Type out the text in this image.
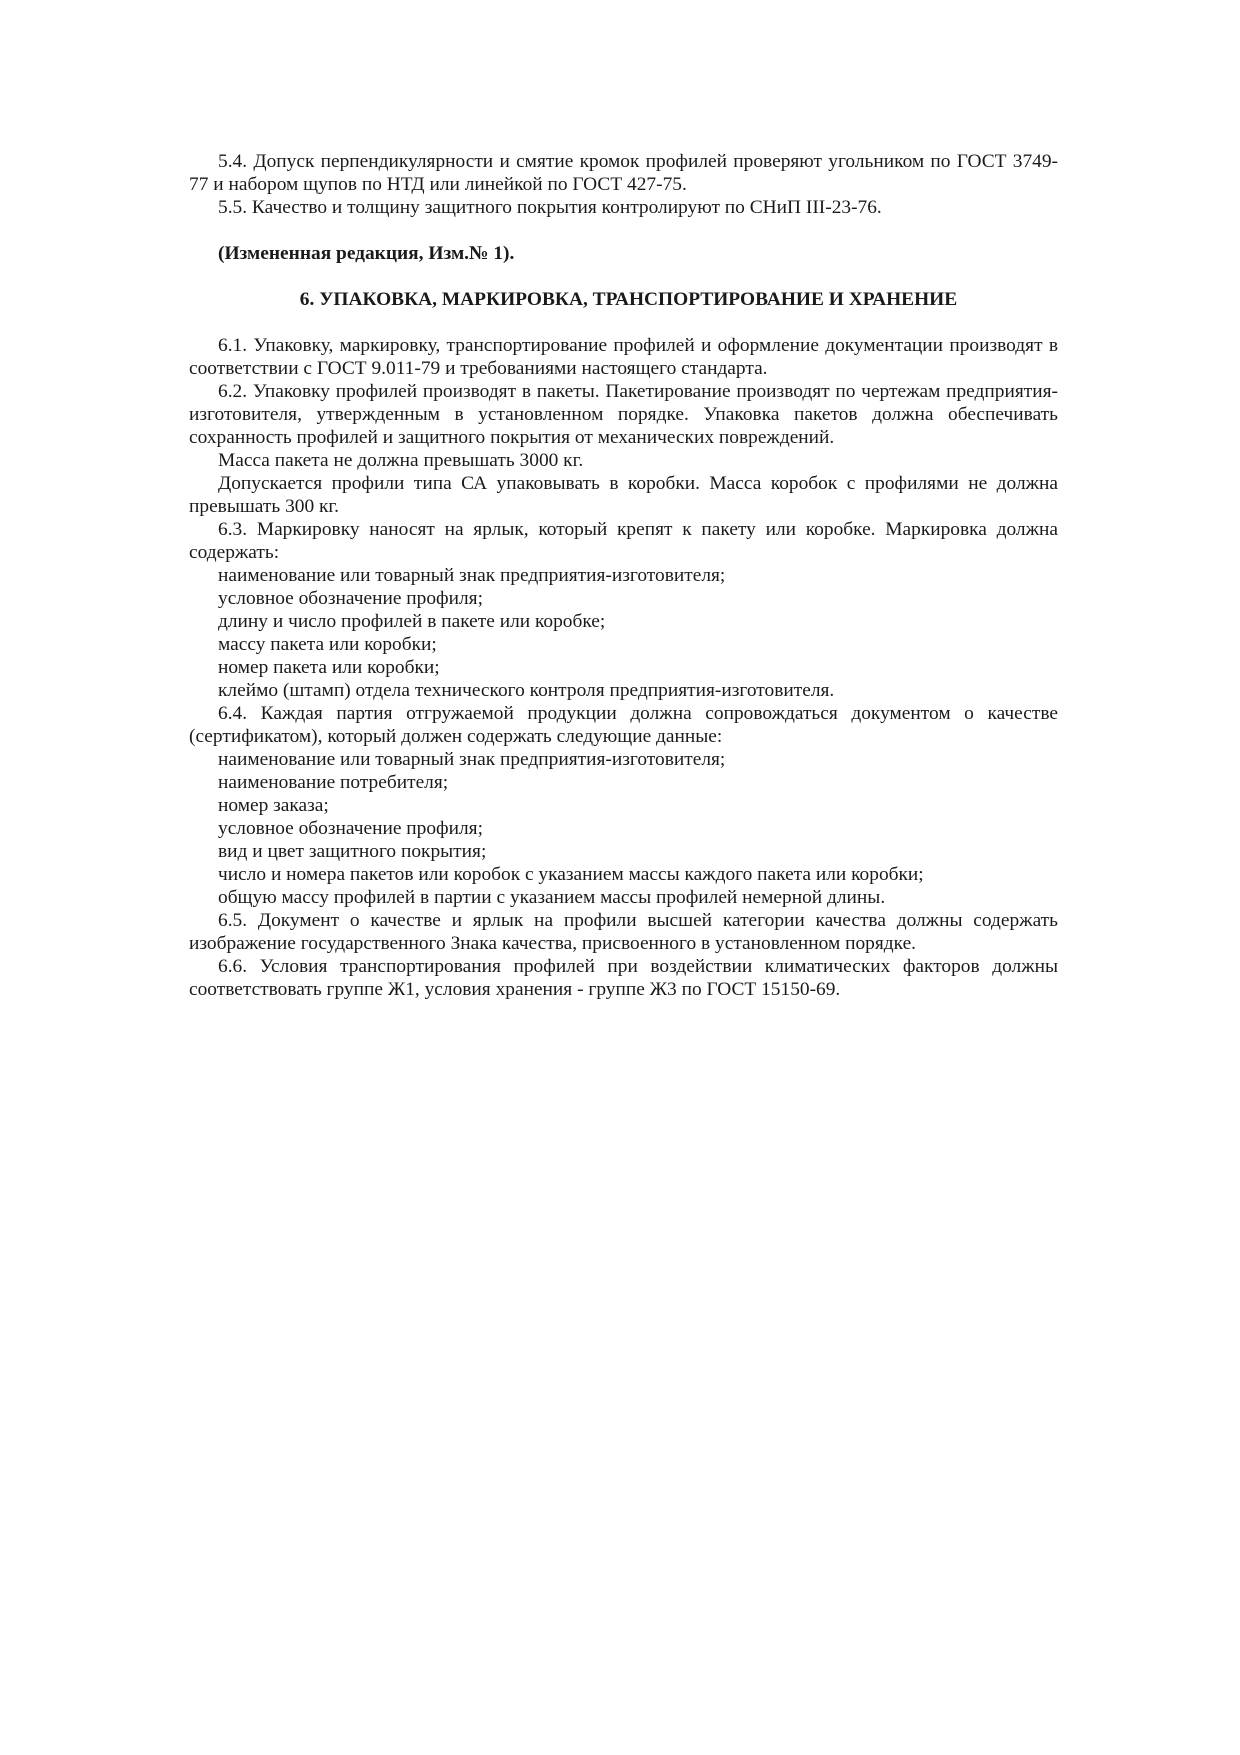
5.4. Допуск перпендикулярности и смятие кромок профилей проверяют угольником по ГОСТ 3749-77 и набором щупов по НТД или линейкой по ГОСТ 427-75.

5.5. Качество и толщину защитного покрытия контролируют по СНиП III-23-76.

(Измененная редакция, Изм.№ 1).

6. УПАКОВКА, МАРКИРОВКА, ТРАНСПОРТИРОВАНИЕ И ХРАНЕНИЕ

6.1. Упаковку, маркировку, транспортирование профилей и оформление документации производят в соответствии с ГОСТ 9.011-79 и требованиями настоящего стандарта.

6.2. Упаковку профилей производят в пакеты. Пакетирование производят по чертежам предприятия-изготовителя, утвержденным в установленном порядке. Упаковка пакетов должна обеспечивать сохранность профилей и защитного покрытия от механических повреждений.

Масса пакета не должна превышать 3000 кг.

Допускается профили типа СА упаковывать в коробки. Масса коробок с профилями не должна превышать 300 кг.

6.3. Маркировку наносят на ярлык, который крепят к пакету или коробке. Маркировка должна содержать:

наименование или товарный знак предприятия-изготовителя;

условное обозначение профиля;

длину и число профилей в пакете или коробке;

массу пакета или коробки;

номер пакета или коробки;

клеймо (штамп) отдела технического контроля предприятия-изготовителя.

6.4. Каждая партия отгружаемой продукции должна сопровождаться документом о качестве (сертификатом), который должен содержать следующие данные:

наименование или товарный знак предприятия-изготовителя;

наименование потребителя;

номер заказа;

условное обозначение профиля;

вид и цвет защитного покрытия;

число и номера пакетов или коробок с указанием массы каждого пакета или коробки;

общую массу профилей в партии с указанием массы профилей немерной длины.

6.5. Документ о качестве и ярлык на профили высшей категории качества должны содержать изображение государственного Знака качества, присвоенного в установленном порядке.

6.6. Условия транспортирования профилей при воздействии климатических факторов должны соответствовать группе Ж1, условия хранения - группе Ж3 по ГОСТ 15150-69.
